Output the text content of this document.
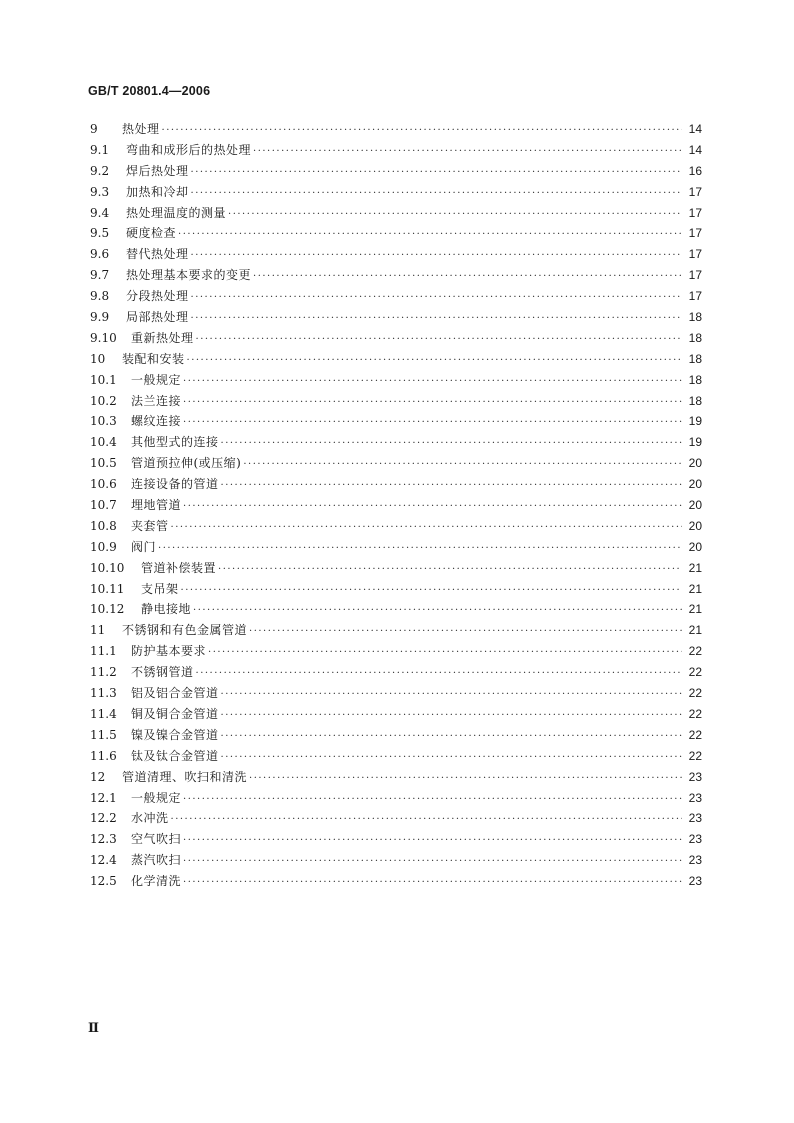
GB/T 20801.4—2006
9	热处理 ·····	14
9.1	弯曲和成形后的热处理 ·····	14
9.2	焊后热处理 ·····	16
9.3	加热和冷却 ·····	17
9.4	热处理温度的测量 ·····	17
9.5	硬度检查 ·····	17
9.6	替代热处理 ·····	17
9.7	热处理基本要求的变更 ·····	17
9.8	分段热处理 ·····	17
9.9	局部热处理 ·····	18
9.10	重新热处理 ·····	18
10	装配和安装 ·····	18
10.1	一般规定 ·····	18
10.2	法兰连接 ·····	18
10.3	螺纹连接 ·····	19
10.4	其他型式的连接 ·····	19
10.5	管道预拉伸(或压缩) ·····	20
10.6	连接设备的管道 ·····	20
10.7	埋地管道 ·····	20
10.8	夹套管 ·····	20
10.9	阀门 ·····	20
10.10	管道补偿装置 ·····	21
10.11	支吊架 ·····	21
10.12	静电接地 ·····	21
11	不锈钢和有色金属管道 ·····	21
11.1	防护基本要求 ·····	22
11.2	不锈钢管道 ·····	22
11.3	铝及铝合金管道 ·····	22
11.4	铜及铜合金管道 ·····	22
11.5	镍及镍合金管道 ·····	22
11.6	钛及钛合金管道 ·····	22
12	管道清理、吹扫和清洗 ·····	23
12.1	一般规定 ·····	23
12.2	水冲洗 ·····	23
12.3	空气吹扫 ·····	23
12.4	蒸汽吹扫 ·····	23
12.5	化学清洗 ·····	23
Ⅱ
